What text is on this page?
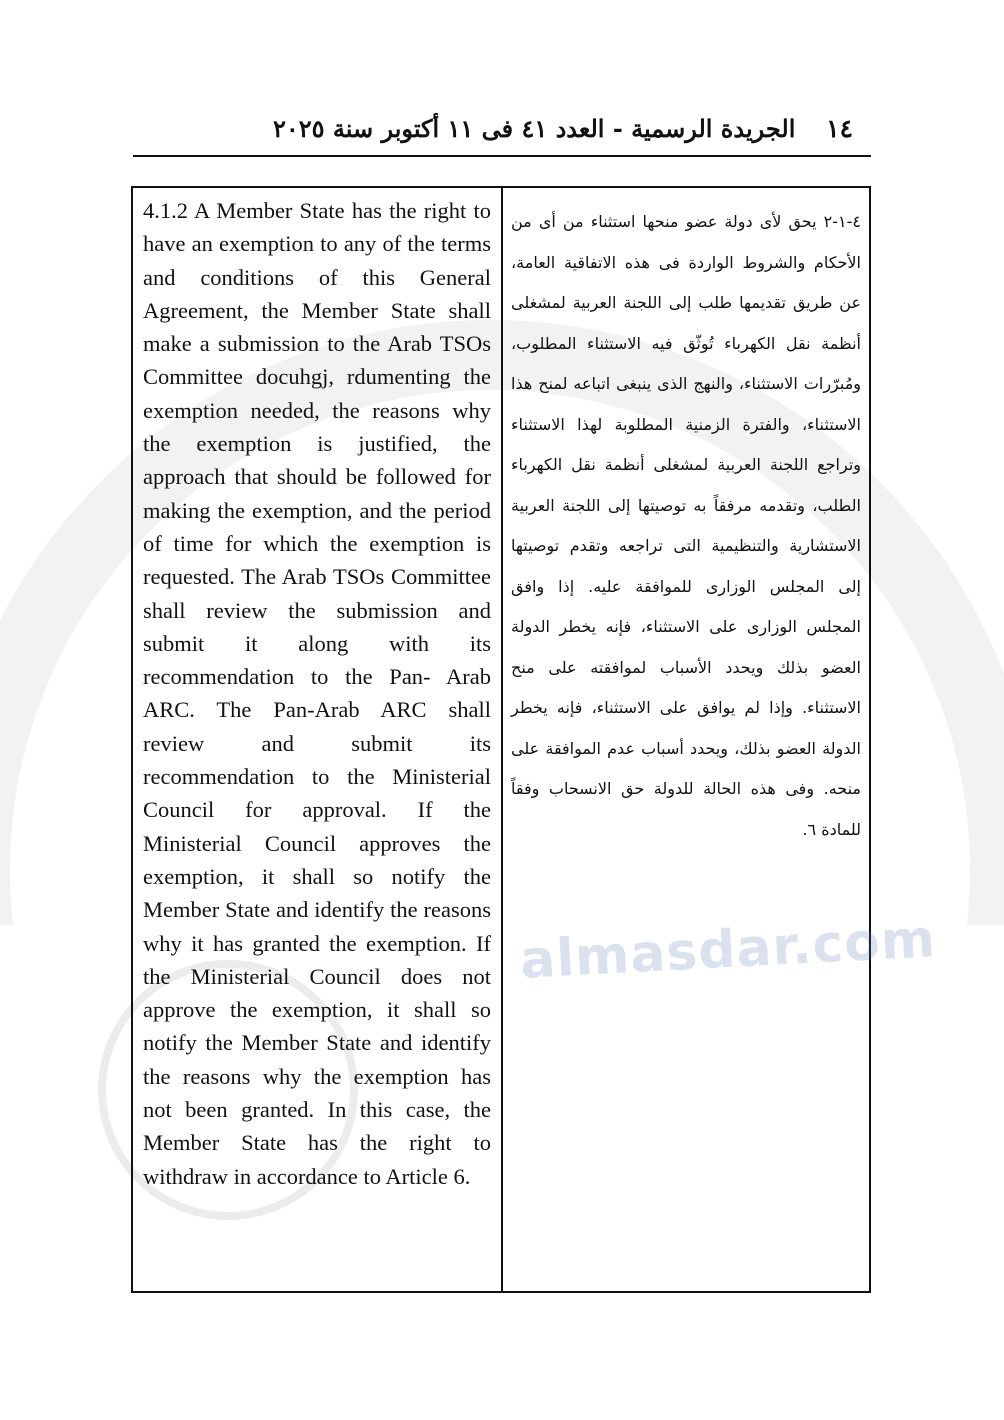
١٤
الجريدة الرسمية - العدد ٤١ فى ١١ أكتوبر سنة ٢٠٢٥
4.1.2 A Member State has the right to have an exemption to any of the terms and conditions of this General Agreement, the Member State shall make a submission to the Arab TSOs Committee docuhgj, rdumenting the exemption needed, the reasons why the exemption is justified, the approach that should be followed for making the exemption, and the period of time for which the exemption is requested. The Arab TSOs Committee shall review the submission and submit it along with its recommendation to the Pan- Arab ARC. The Pan-Arab ARC shall review and submit its recommendation to the Ministerial Council for approval. If the Ministerial Council approves the exemption, it shall so notify the Member State and identify the reasons why it has granted the exemption. If the Ministerial Council does not approve the exemption, it shall so notify the Member State and identify the reasons why the exemption has not been granted. In this case, the Member State has the right to withdraw in accordance to Article 6.
٤-١-٢ يحق لأى دولة عضو منحها استثناء من أى من الأحكام والشروط الواردة فى هذه الاتفاقية العامة، عن طريق تقديمها طلب إلى اللجنة العربية لمشغلى أنظمة نقل الكهرباء تُوثّق فيه الاستثناء المطلوب، ومُبرّرات الاستثناء، والنهج الذى ينبغى اتباعه لمنح هذا الاستثناء، والفترة الزمنية المطلوبة لهذا الاستثناء وتراجع اللجنة العربية لمشغلى أنظمة نقل الكهرباء الطلب، وتقدمه مرفقاً به توصيتها إلى اللجنة العربية الاستشارية والتنظيمية التى تراجعه وتقدم توصيتها إلى المجلس الوزارى للموافقة عليه. إذا وافق المجلس الوزارى على الاستثناء، فإنه يخطر الدولة العضو بذلك ويحدد الأسباب لموافقته على منح الاستثناء. وإذا لم يوافق على الاستثناء، فإنه يخطر الدولة العضو بذلك، ويحدد أسباب عدم الموافقة على منحه. وفى هذه الحالة للدولة حق الانسحاب وفقاً للمادة ٦.
almasdar.com
